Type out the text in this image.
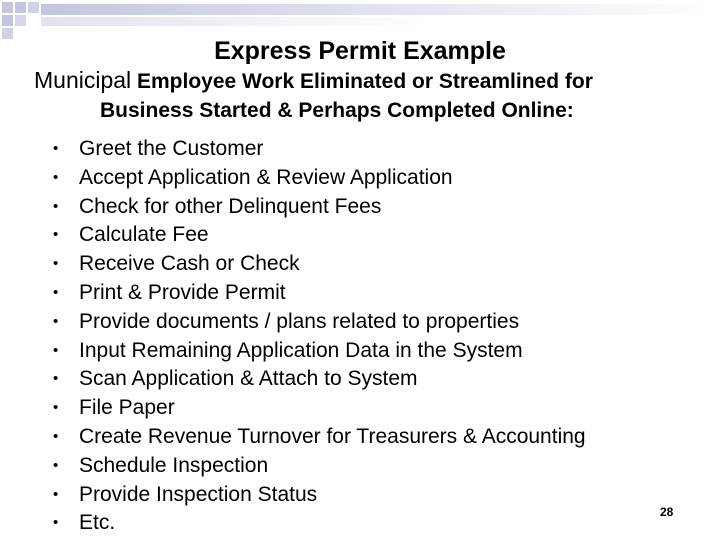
Express Permit Example
Municipal Employee Work Eliminated or Streamlined for
Business Started & Perhaps Completed Online:
• Greet the Customer
• Accept Application & Review Application
• Check for other Delinquent Fees
• Calculate Fee
• Receive Cash or Check
• Print & Provide Permit
• Provide documents / plans related to properties
• Input Remaining Application Data in the System
• Scan Application & Attach to System
• File Paper
• Create Revenue Turnover for Treasurers & Accounting
• Schedule Inspection
• Provide Inspection Status
• Etc.	28
